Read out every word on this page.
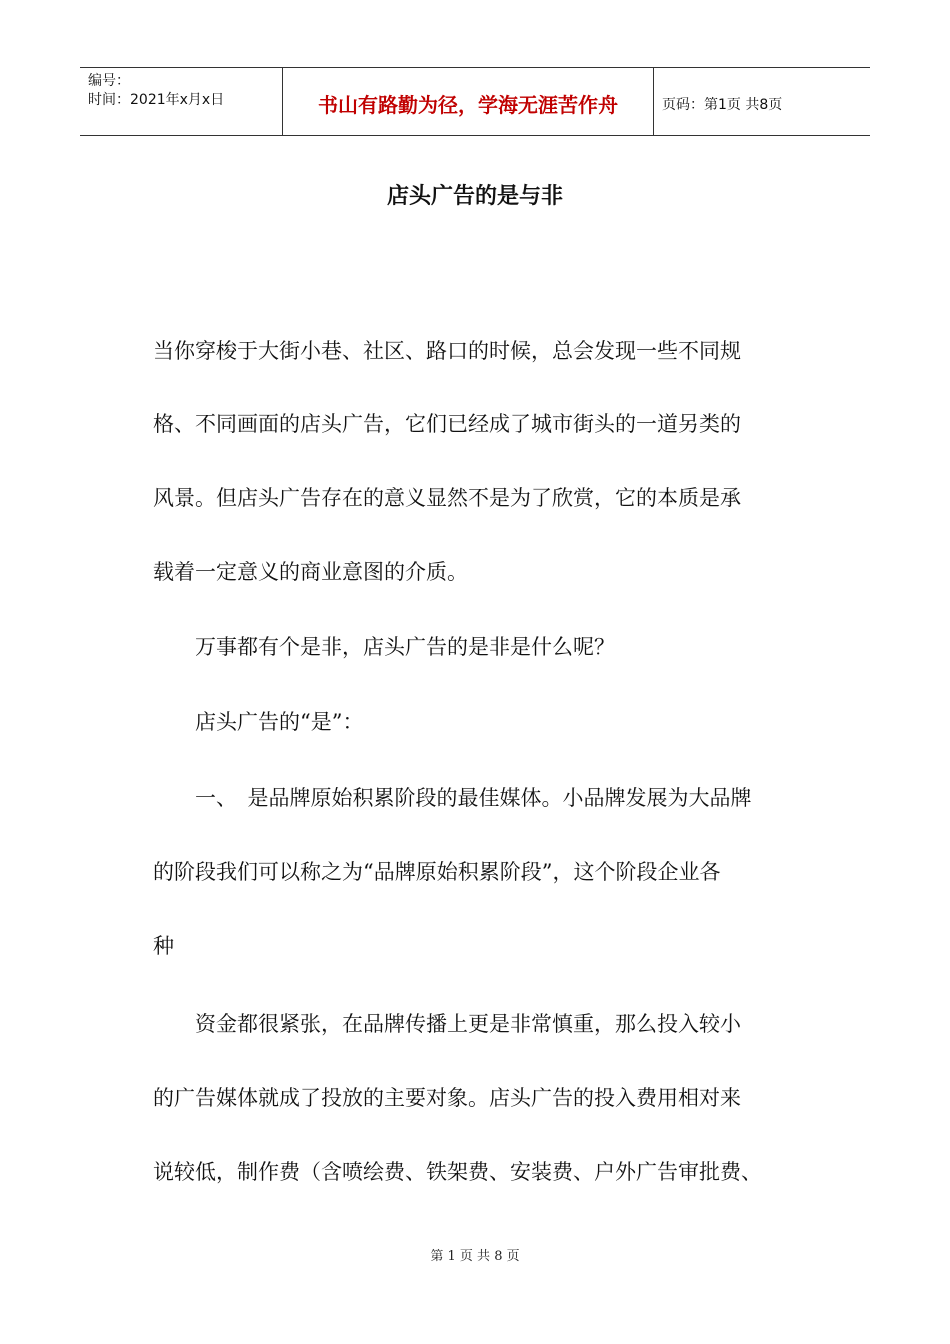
编号：
时间：2021年x月x日	书山有路勤为径，学海无涯苦作舟	页码：第1页 共8页
店头广告的是与非

当你穿梭于大街小巷、社区、路口的时候，总会发现一些不同规

格、不同画面的店头广告，它们已经成了城市街头的一道另类的

风景。但店头广告存在的意义显然不是为了欣赏，它的本质是承

载着一定意义的商业意图的介质。

　　万事都有个是非，店头广告的是非是什么呢？

　　店头广告的“是”：

　　一、　是品牌原始积累阶段的最佳媒体。小品牌发展为大品牌

的阶段我们可以称之为“品牌原始积累阶段”，这个阶段企业各

种

　　资金都很紧张，在品牌传播上更是非常慎重，那么投入较小

的广告媒体就成了投放的主要对象。店头广告的投入费用相对来

说较低，制作费（含喷绘费、铁架费、安装费、户外广告审批费、

第 1 页 共 8 页
